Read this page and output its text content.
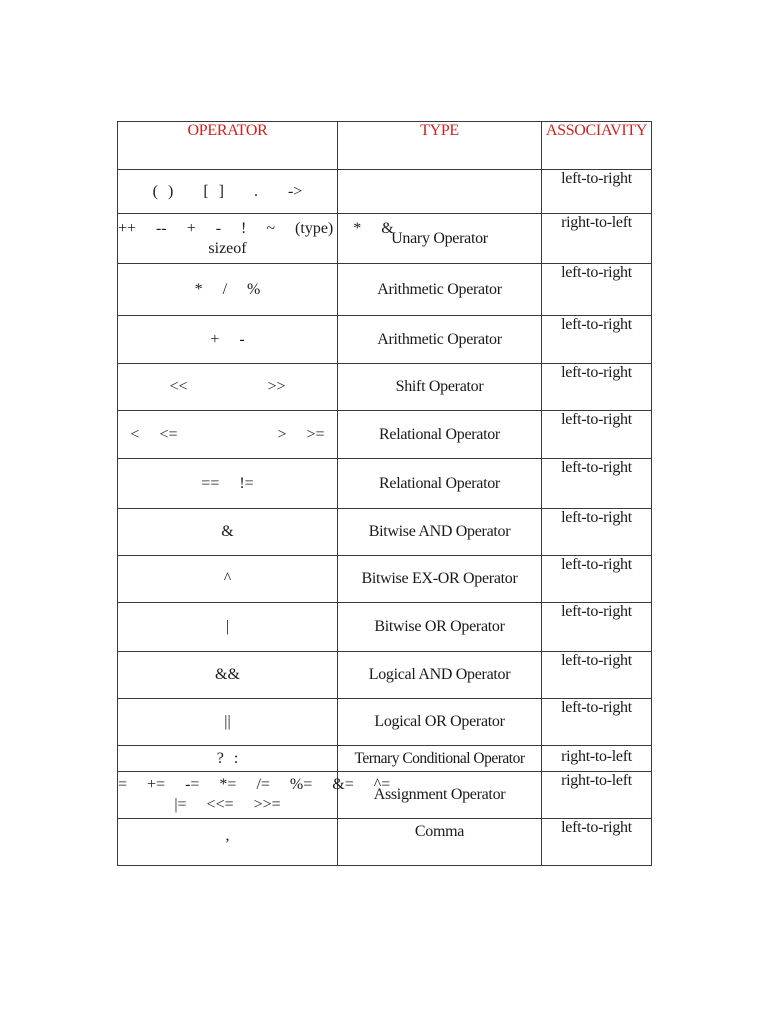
OPERATOR	TYPE	ASSOCIAVITY
( )   [ ]   .   ->		left-to-right
++  --  +  -  !  ~  (type)  *  &
sizeof	Unary Operator	right-to-left
*  /  %	Arithmetic Operator	left-to-right
+  -	Arithmetic Operator	left-to-right
<<        >>	Shift Operator	left-to-right
<  <=          >  >=	Relational Operator	left-to-right
==  !=	Relational Operator	left-to-right
&	Bitwise AND Operator	left-to-right
^	Bitwise EX-OR Operator	left-to-right
|	Bitwise OR Operator	left-to-right
&&	Logical AND Operator	left-to-right
||	Logical OR Operator	left-to-right
? :	Ternary Conditional Operator	right-to-left
=  +=  -=  *=  /=  %=  &=  ^=
|=  <<=  >>=	Assignment Operator	right-to-left
,	Comma	left-to-right
